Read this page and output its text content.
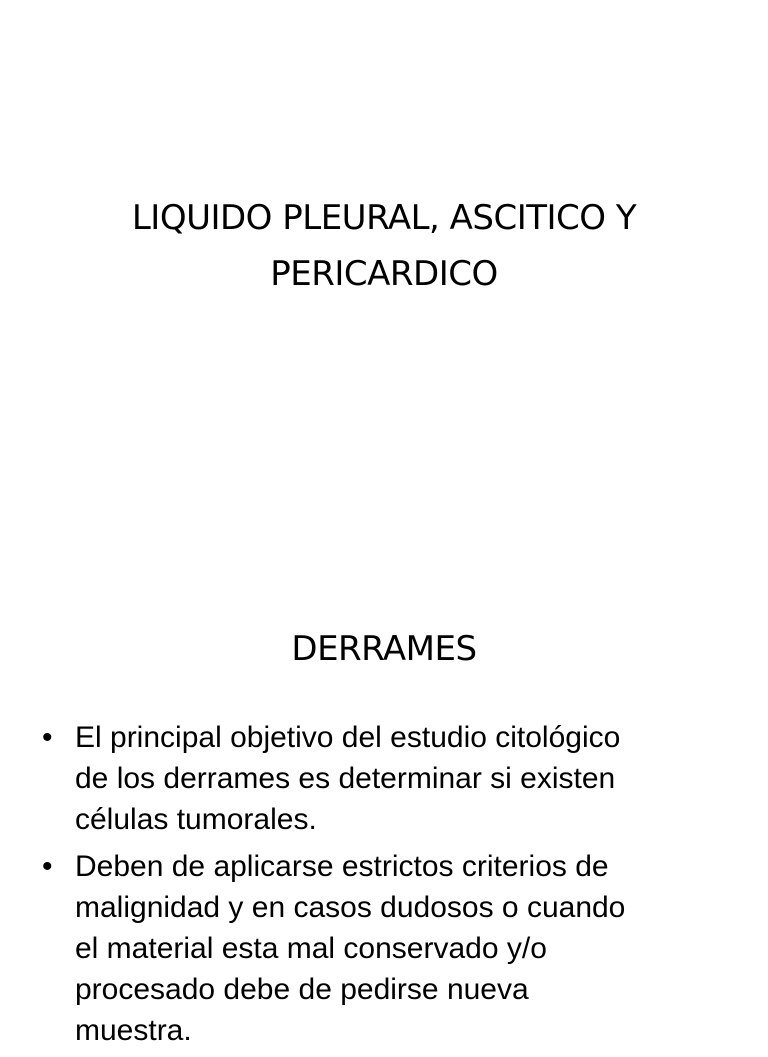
LIQUIDO PLEURAL, ASCITICO Y
PERICARDICO
DERRAMES
• El principal objetivo del estudio citológico
de los derrames es determinar si existen
células tumorales.
• Deben de aplicarse estrictos criterios de
malignidad y en casos dudosos o cuando
el material esta mal conservado y/o
procesado debe de pedirse nueva
muestra.
